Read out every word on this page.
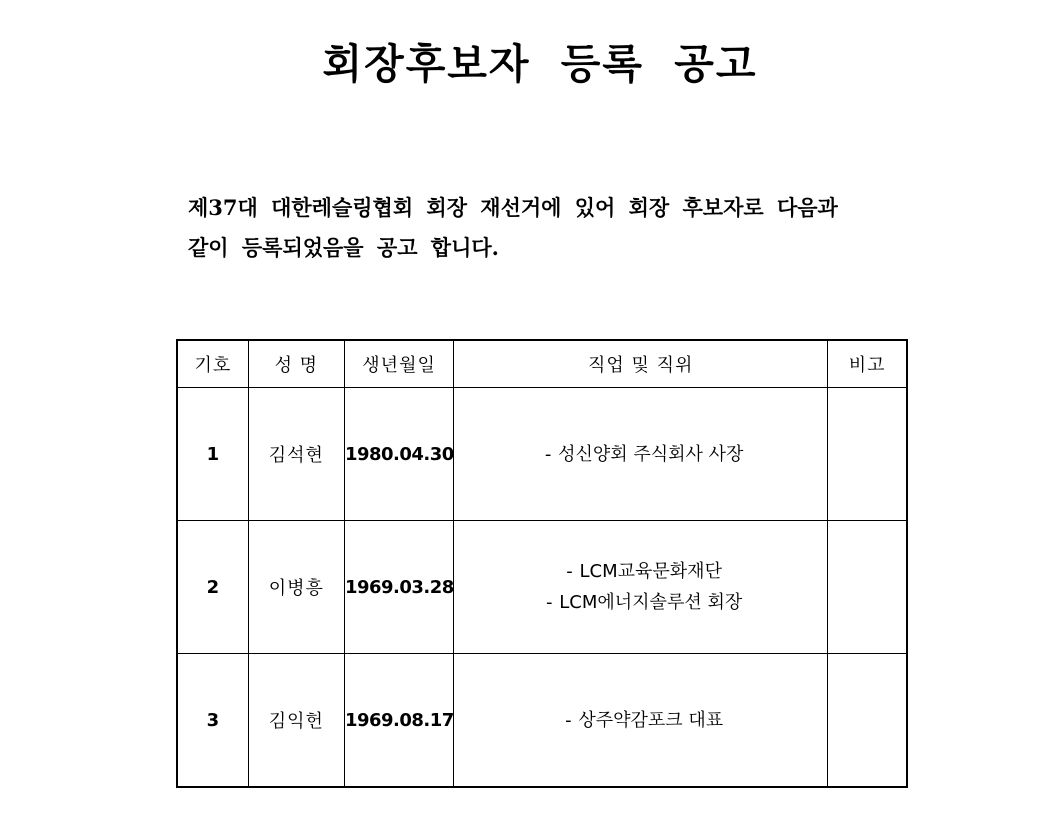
회장후보자 등록 공고

제37대 대한레슬링협회 회장 재선거에 있어 회장 후보자로 다음과

같이 등록되었음을 공고 합니다.

기호	성 명	생년월일	직업 및 직위	비고
1	김석현	1980.04.30	- 성신양회 주식회사 사장	

2	이병흥	1969.03.28	- LCM교육문화재단
- LCM에너지솔루션 회장	

3	김익헌	1969.08.17	- 상주약감포크 대표	
